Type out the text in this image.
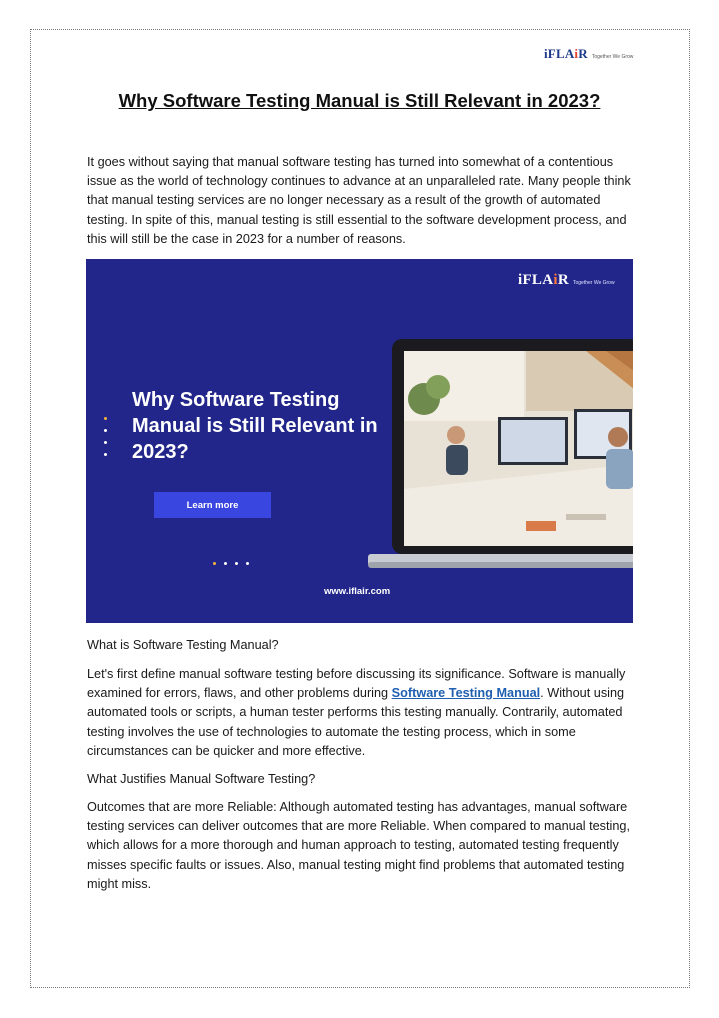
iFLAiR Together We Grow
Why Software Testing Manual is Still Relevant in 2023?
It goes without saying that manual software testing has turned into somewhat of a contentious issue as the world of technology continues to advance at an unparalleled rate. Many people think that manual testing services are no longer necessary as a result of the growth of automated testing. In spite of this, manual testing is still essential to the software development process, and this will still be the case in 2023 for a number of reasons.
iFLAiR Together We Grow
Why Software Testing Manual is Still Relevant in 2023?
Learn more
www.iflair.com
What is Software Testing Manual?
Let's first define manual software testing before discussing its significance. Software is manually examined for errors, flaws, and other problems during Software Testing Manual. Without using automated tools or scripts, a human tester performs this testing manually. Contrarily, automated testing involves the use of technologies to automate the testing process, which in some circumstances can be quicker and more effective.
What Justifies Manual Software Testing?
Outcomes that are more Reliable: Although automated testing has advantages, manual software testing services can deliver outcomes that are more Reliable. When compared to manual testing, which allows for a more thorough and human approach to testing, automated testing frequently misses specific faults or issues. Also, manual testing might find problems that automated testing might miss.
